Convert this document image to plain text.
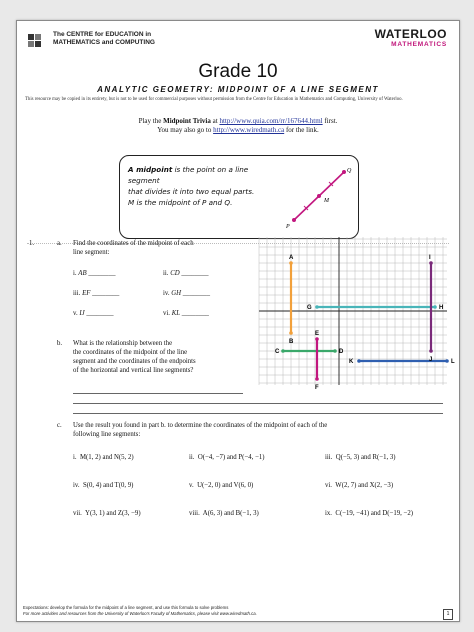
The CENTRE for EDUCATION in
MATHEMATICS and COMPUTING
WATERLOO
MATHEMATICS
Grade 10
ANALYTIC GEOMETRY: MIDPOINT OF A LINE SEGMENT
This resource may be copied in its entirety, but is not to be used for commercial purposes without permission from the Centre for Education in Mathematics and Computing, University of Waterloo.
Play the Midpoint Trivia at http://www.quia.com/rr/167644.html first.
You may also go to http://www.wiredmath.ca for the link.
A midpoint is the point on a line segment
that divides it into two equal parts.
M is the midpoint of P and Q.
P
M
Q
1.	a. Find the coordinates of the midpoint of each
line segment:
i. AB ________	ii. CD ________
iii. EF ________	iv. GH ________
v. IJ ________	vi. KL ________
b. What is the relationship between the
the coordinates of the midpoint of the line
segment and the coordinates of the endpoints
of the horizontal and vertical line segments?
A
B
C	D
E
F
G	H
I
J
K	L
c. Use the result you found in part b. to determine the coordinates of the midpoint of each of the
following line segments:
i. M(1, 2) and N(5, 2)	ii. O(−4, −7) and P(−4, −1)	iii. Q(−5, 3) and R(−1, 3)
iv. S(0, 4) and T(0, 9)	v. U(−2, 0) and V(6, 0)	vi. W(2, 7) and X(2, −3)
vii. Y(3, 1) and Z(3, −9)	viii. A(6, 3) and B(−1, 3)	ix. C(−19, −41) and D(−19, −2)
Expectations: develop the formula for the midpoint of a line segment, and use this formula to solve problems
For more activities and resources from the University of Waterloo's Faculty of Mathematics, please visit www.wiredmath.ca.	1
